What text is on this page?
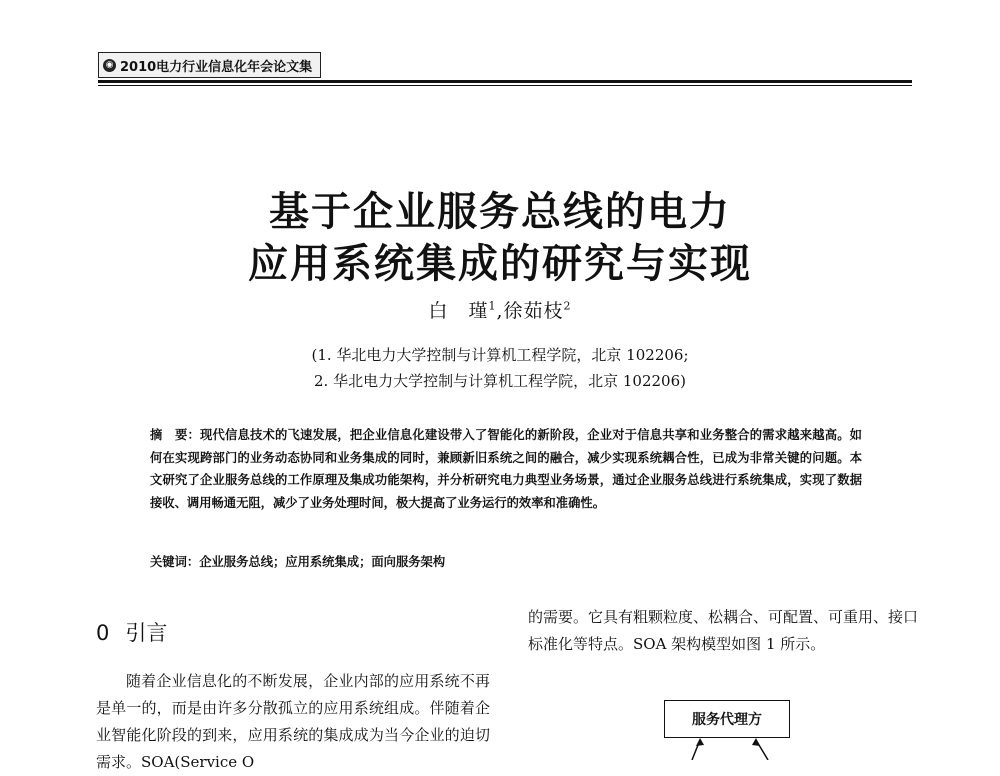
◉ 2010电力行业信息化年会论文集
基于企业服务总线的电力
应用系统集成的研究与实现
白　瑾$^1$,徐茹枝$^2$
(1. 华北电力大学控制与计算机工程学院，北京 102206;
2. 华北电力大学控制与计算机工程学院，北京 102206)

摘　要：现代信息技术的飞速发展，把企业信息化建设带入了智能化的新阶段，企业对于信息共享和业务整合的需求越来越高。如何在实现跨部门的业务动态协同和业务集成的同时，兼顾新旧系统之间的融合，减少实现系统耦合性，已成为非常关键的问题。本文研究了企业服务总线的工作原理及集成功能架构，并分析研究电力典型业务场景，通过企业服务总线进行系统集成，实现了数据接收、调用畅通无阻，减少了业务处理时间，极大提高了业务运行的效率和准确性。

关键词：企业服务总线；应用系统集成；面向服务架构

0 引言

随着企业信息化的不断发展，企业内部的应用系统不再是单一的，而是由许多分散孤立的应用系统组成。伴随着企业智能化阶段的到来，应用系统的集成成为当今企业的迫切需求。SOA(Service O

的需要。它具有粗颗粒度、松耦合、可配置、可重用、接口标准化等特点。SOA 架构模型如图 1 所示。

服务代理方
